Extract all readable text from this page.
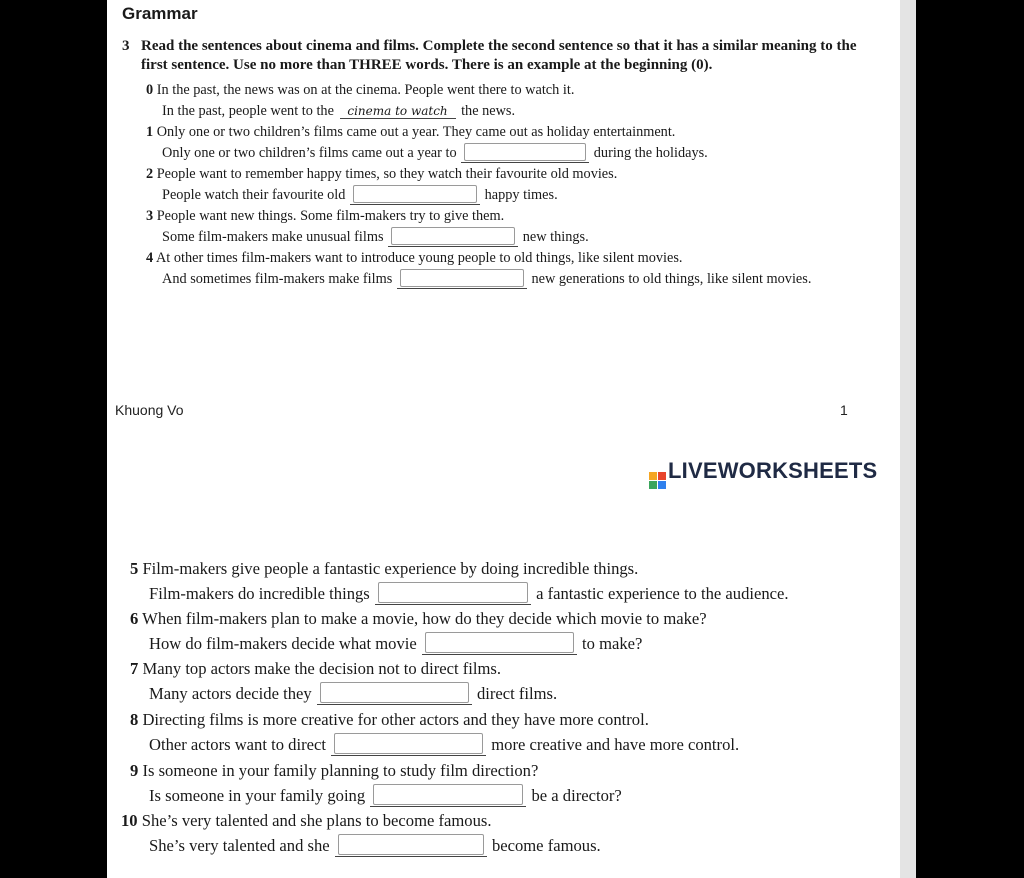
Grammar
3 Read the sentences about cinema and films. Complete the second sentence so that it has a similar meaning to the
first sentence. Use no more than THREE words. There is an example at the beginning (0).
0 In the past, the news was on at the cinema. People went there to watch it.
In the past, people went to the cinema to watch the news.
1 Only one or two children’s films came out a year. They came out as holiday entertainment.
Only one or two children’s films came out a year to	during the holidays.
2 People want to remember happy times, so they watch their favourite old movies.
People watch their favourite old	happy times.
3 People want new things. Some film-makers try to give them.
Some film-makers make unusual films	new things.
4 At other times film-makers want to introduce young people to old things, like silent movies.
And sometimes film-makers make films	new generations to old things, like silent movies.
Khuong Vo	1
LIVEWORKSHEETS
5 Film-makers give people a fantastic experience by doing incredible things.
Film-makers do incredible things	a fantastic experience to the audience.
6 When film-makers plan to make a movie, how do they decide which movie to make?
How do film-makers decide what movie	to make?
7 Many top actors make the decision not to direct films.
Many actors decide they	direct films.
8 Directing films is more creative for other actors and they have more control.
Other actors want to direct	more creative and have more control.
9 Is someone in your family planning to study film direction?
Is someone in your family going	be a director?
10 She’s very talented and she plans to become famous.
She’s very talented and she	become famous.
